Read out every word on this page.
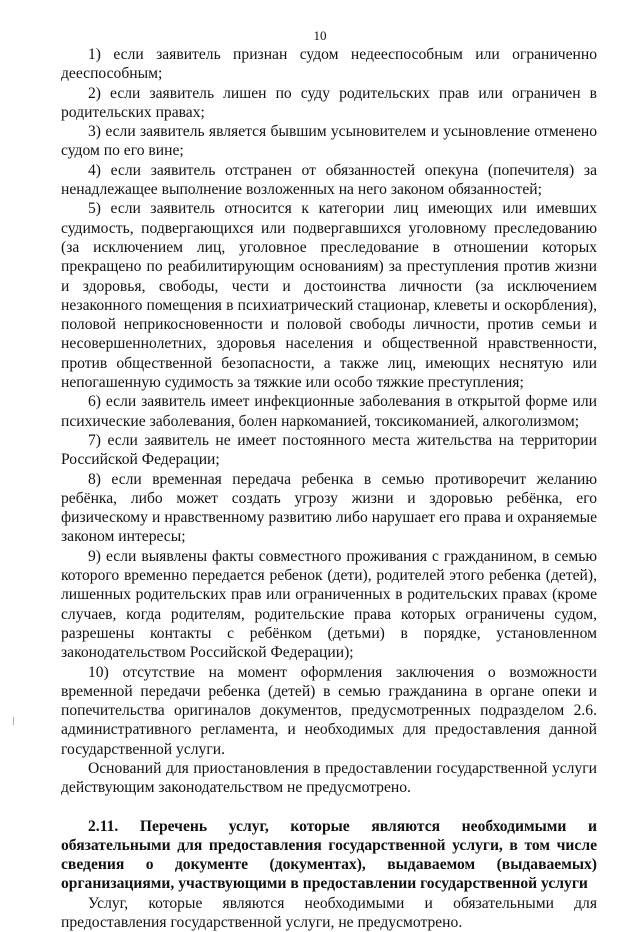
10

1) если заявитель признан судом недееспособным или ограниченно дееспособным;

2) если заявитель лишен по суду родительских прав или ограничен в родительских правах;

3) если заявитель является бывшим усыновителем и усыновление отменено судом по его вине;

4) если заявитель отстранен от обязанностей опекуна (попечителя) за ненадлежащее выполнение возложенных на него законом обязанностей;

5) если заявитель относится к категории лиц имеющих или имевших судимость, подвергающихся или подвергавшихся уголовному преследованию (за исключением лиц, уголовное преследование в отношении которых прекращено по реабилитирующим основаниям) за преступления против жизни и здоровья, свободы, чести и достоинства личности (за исключением незаконного помещения в психиатрический стационар, клеветы и оскорбления), половой неприкосновенности и половой свободы личности, против семьи и несовершеннолетних, здоровья населения и общественной нравственности, против общественной безопасности, а также лиц, имеющих неснятую или непогашенную судимость за тяжкие или особо тяжкие преступления;

6) если заявитель имеет инфекционные заболевания в открытой форме или психические заболевания, болен наркоманией, токсикоманией, алкоголизмом;

7) если заявитель не имеет постоянного места жительства на территории Российской Федерации;

8) если временная передача ребенка в семью противоречит желанию ребёнка, либо может создать угрозу жизни и здоровью ребёнка, его физическому и нравственному развитию либо нарушает его права и охраняемые законом интересы;

9) если выявлены факты совместного проживания с гражданином, в семью которого временно передается ребенок (дети), родителей этого ребенка (детей), лишенных родительских прав или ограниченных в родительских правах (кроме случаев, когда родителям, родительские права которых ограничены судом, разрешены контакты с ребёнком (детьми) в порядке, установленном законодательством Российской Федерации);

10) отсутствие на момент оформления заключения о возможности временной передачи ребенка (детей) в семью гражданина в органе опеки и попечительства оригиналов документов, предусмотренных подразделом 2.6. административного регламента, и необходимых для предоставления данной государственной услуги.

Оснований для приостановления в предоставлении государственной услуги действующим законодательством не предусмотрено.

2.11. Перечень услуг, которые являются необходимыми и обязательными для предоставления государственной услуги, в том числе сведения о документе (документах), выдаваемом (выдаваемых) организациями, участвующими в предоставлении государственной услуги

Услуг, которые являются необходимыми и обязательными для предоставления государственной услуги, не предусмотрено.
